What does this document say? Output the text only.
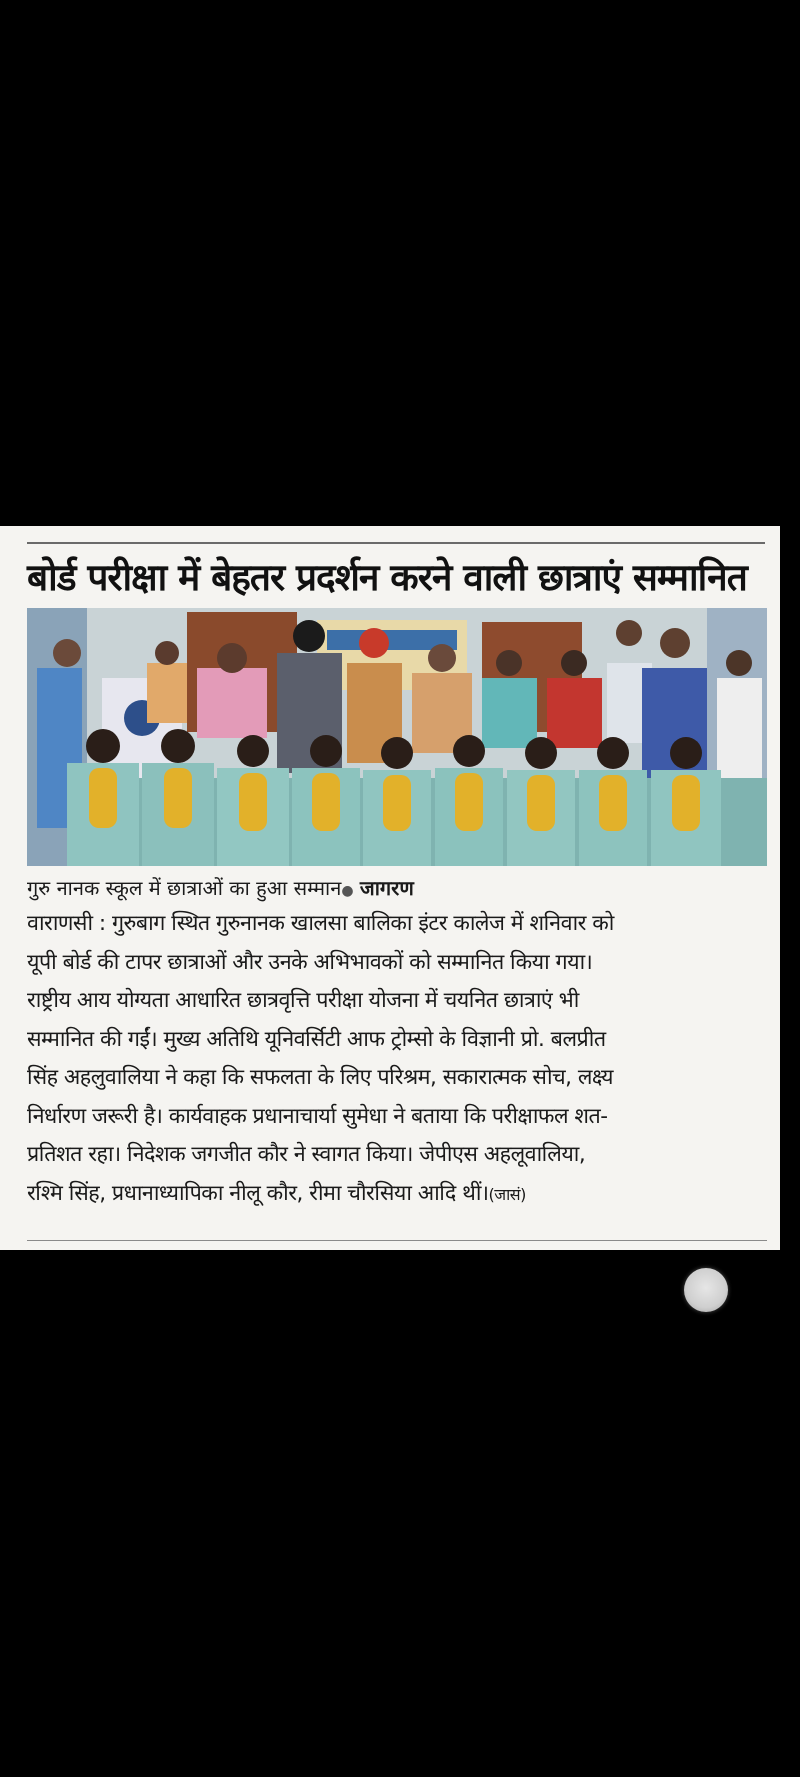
बोर्ड परीक्षा में बेहतर प्रदर्शन करने वाली छात्राएं सम्मानित
गुरु नानक स्कूल में छात्राओं का हुआ सम्मान● जागरण
वाराणसी : गुरुबाग स्थित गुरुनानक खालसा बालिका इंटर कालेज में शनिवार को
यूपी बोर्ड की टापर छात्राओं और उनके अभिभावकों को सम्मानित किया गया।
राष्ट्रीय आय योग्यता आधारित छात्रवृत्ति परीक्षा योजना में चयनित छात्राएं भी
सम्मानित की गईं। मुख्य अतिथि यूनिवर्सिटी आफ ट्रोम्सो के विज्ञानी प्रो. बलप्रीत
सिंह अहलुवालिया ने कहा कि सफलता के लिए परिश्रम, सकारात्मक सोच, लक्ष्य
निर्धारण जरूरी है। कार्यवाहक प्रधानाचार्या सुमेधा ने बताया कि परीक्षाफल शत-
प्रतिशत रहा। निदेशक जगजीत कौर ने स्वागत किया। जेपीएस अहलूवालिया,
रश्मि सिंह, प्रधानाध्यापिका नीलू कौर, रीमा चौरसिया आदि थीं।(जासं)
